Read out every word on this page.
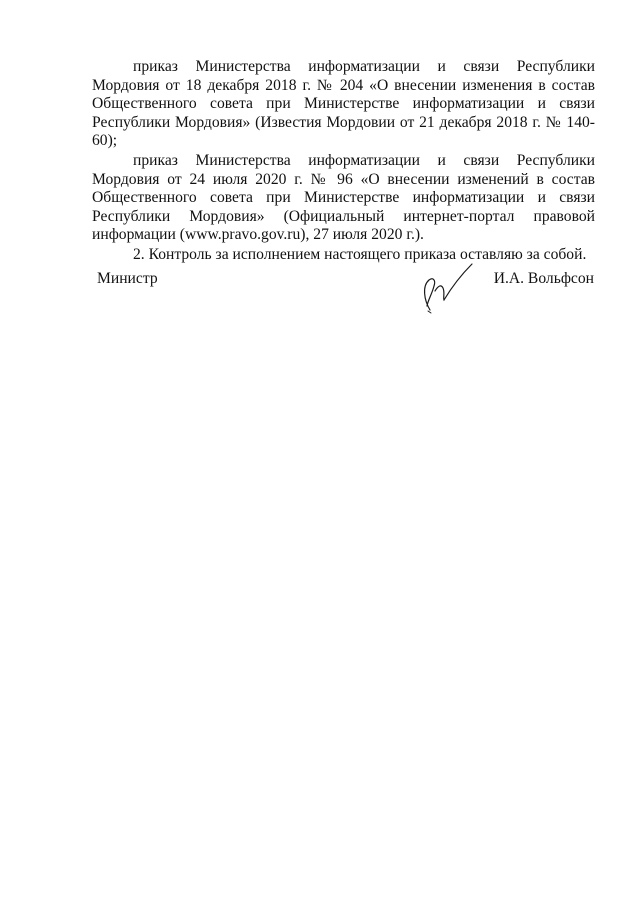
приказ Министерства информатизации и связи Республики Мордовия от 18 декабря 2018 г. № 204 «О внесении изменения в состав Общественного совета при Министерстве информатизации и связи Республики Мордовия» (Известия Мордовии от 21 декабря 2018 г. № 140-60);

приказ Министерства информатизации и связи Республики Мордовия от 24 июля 2020 г. № 96 «О внесении изменений в состав Общественного совета при Министерстве информатизации и связи Республики Мордовия» (Официальный интернет-портал правовой информации (www.pravo.gov.ru), 27 июля 2020 г.).

2. Контроль за исполнением настоящего приказа оставляю за собой.

Министр	И.А. Вольфсон
